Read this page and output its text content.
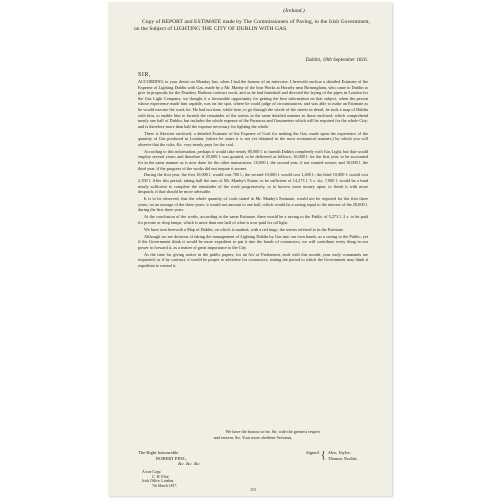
(Ireland.)
Copy of REPORT and ESTIMATE made by The Commissioners of Paving, to the Irish Government, on the Subject of LIGHTING THE CITY OF DUBLIN WITH GAS.
Dublin, 18th September 1816.
SIR,

ACCORDING to your desire on Monday last, when I had the honour of an interview, I herewith enclose a detailed Estimate of the Expense of Lighting Dublin with Gas, made by a Mr. Manby of the Iron Works at Horsely near Birmingham, who came to Dublin to give in proposals for the Dundrey Harbour contract work; and as he had furnished and directed the laying of the pipes in London for the Gas Light Company, we thought it a favourable opportunity for getting the best information on that subject, when the person whose experience made him capable, was on the spot, where he could judge of circumstances; and was able to make an Estimate as he would execute the work for. He had not time, while here, to go through the whole of the streets in detail; he took a map of Dublin with him, to enable him to furnish the remainder of the streets in the same detailed manner as those enclosed, which comprehend nearly one half of Dublin, but includes the whole expense of the Furnaces and Gasometers which will be required for the whole City; and is therefore more than half the expense necessary for lighting the whole.

There is likewise enclosed, a detailed Estimate of the Expense of Coal for making the Gas, made upon the experience of the quantity of Gas produced in London, (where he states it is not yet obtained in the most economical manner;) by which you will observe that the coke, &c. very nearly pays for the coal.

According to this information, perhaps it would take nearly 80,000 l. to furnish Dublin completely with Gas Light, but that would employ several years; and therefore if 20,000 l. was granted, to be delivered as follows; 10,000 l. for the first year, to be accounted for in the same manner as is now done for the other transactions: 10,000 l. the second year, if not wanted sooner; and 10,000 l. the third year, if the progress of the works did not require it sooner.

During the first year, the first 10,000 l. would cost 700 l.; the second 10,000 l. would cost 1,400 l.; the third 10,000 l. would cost 2,100 l. After this period, taking half the sum of Mr. Manby's Estate, to be sufficient of 14,273 l. 5 s. viz. 7,000 l. would be a fund nearly sufficient to complete the remainder of the work progressively, or to borrow more money upon, to finish it with more despatch, if that should be more advisable.

It is to be observed, that the whole quantity of coals stated in Mr. Manby's Estimate, would not be required for the first three years; on an average of the three years, it would not amount to one half, which would be a saving equal to the interest of the 20,000 l. during the first three years.

At the conclusion of the works, according to the same Estimate, there would be a saving to the Public of 5,273 l. 2 s. to be paid for private or shop lamps, which is more than one half of what is now paid for oil light.

We have sent herewith a Map of Dublin, on which is marked, with a red tinge, the streets referred to in the Estimate.

Although we are desirous of taking the management of Lighting Dublin by Gas into our own hands, as a saving to the Public; yet if the Government think it would be more expedient to put it into the hands of contractors, we will contribute every thing in our power to forward it, as a matter of great importance to the City.

As the time for giving notice in the public papers, for an Act of Parliament, ends with this month, your early commands are requested; or if by contract, it would be proper to advertise for contractors, stating the period to which the Government may think it expedient to extend it.

We have the honour to be, Sir, with the greatest respect
and esteem, Sir, Your most obedient Servants,
The Right honourable
ROBERT PEEL,
&c. &c. &c.
Signed { Alexᵣ Taylor,
Thomas Nesbitt.
A true Copy,
C. W. Flint.
Irish Office, London,
7th March 1817.
115.
